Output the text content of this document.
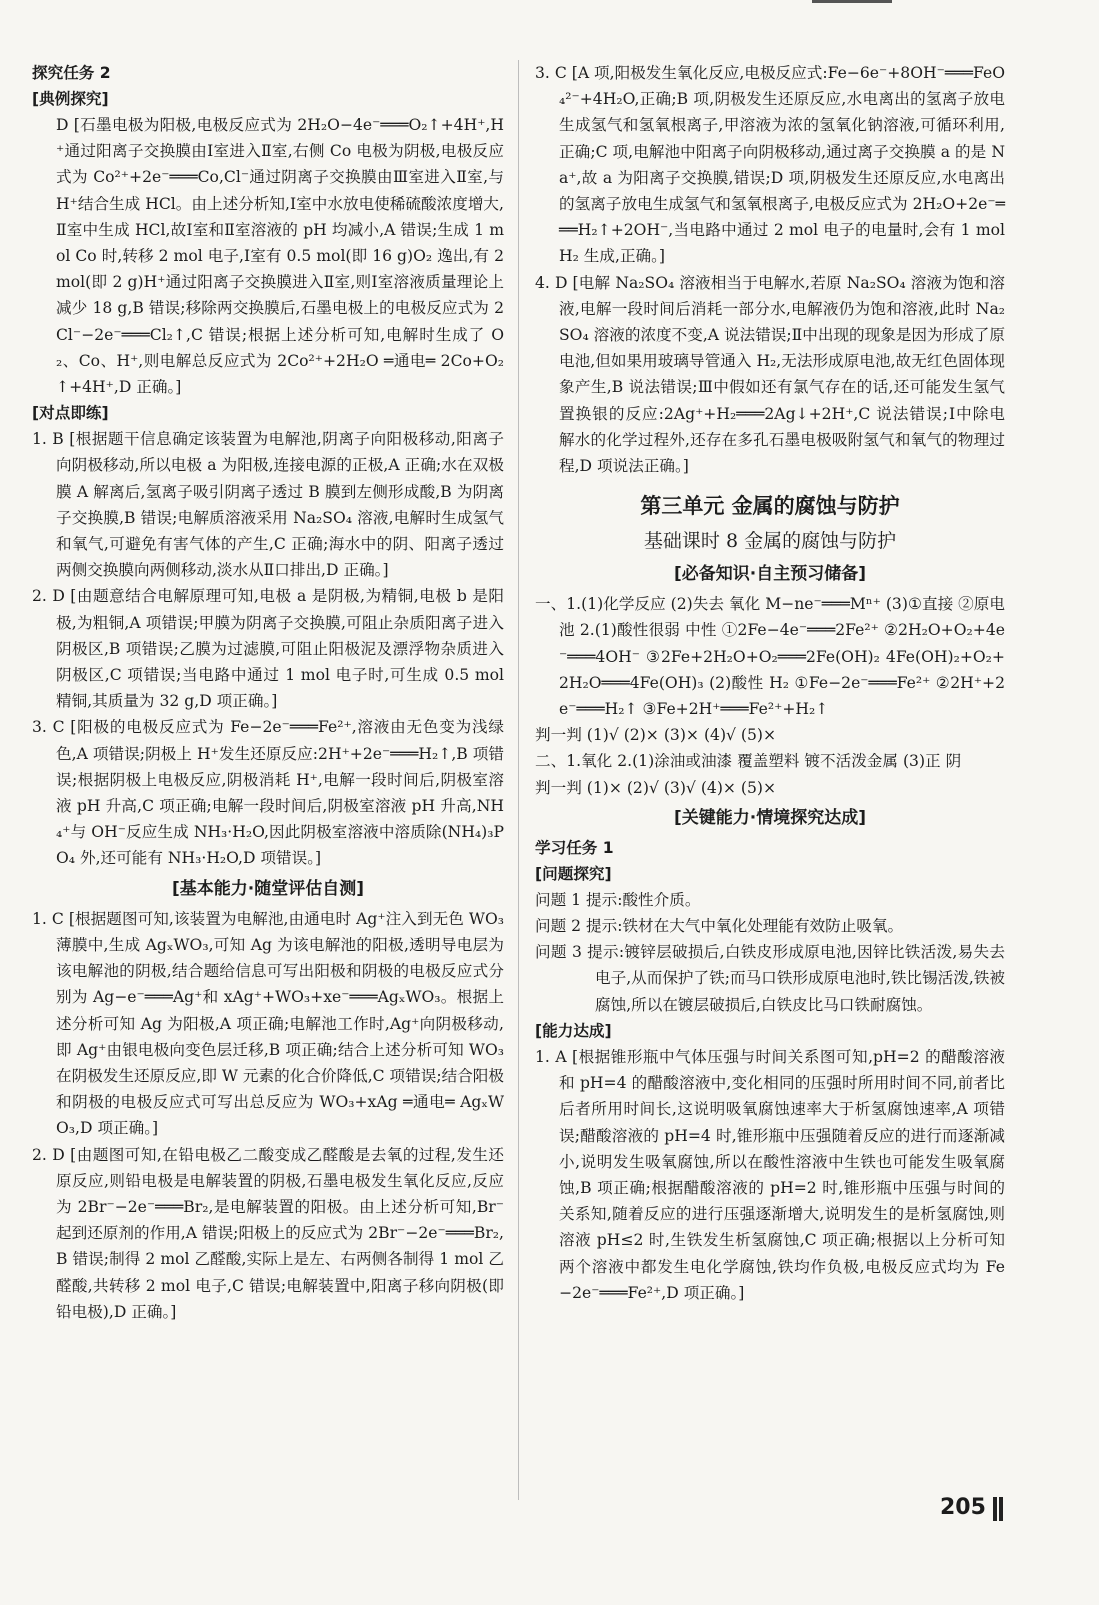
探究任务 2

[典例探究]

D [石墨电极为阳极,电极反应式为 2H₂O−4e⁻═══O₂↑+4H⁺,H⁺通过阳离子交换膜由Ⅰ室进入Ⅱ室,右侧 Co 电极为阴极,电极反应式为 Co²⁺+2e⁻═══Co,Cl⁻通过阴离子交换膜由Ⅲ室进入Ⅱ室,与 H⁺结合生成 HCl。由上述分析知,Ⅰ室中水放电使稀硫酸浓度增大,Ⅱ室中生成 HCl,故Ⅰ室和Ⅱ室溶液的 pH 均减小,A 错误;生成 1 mol Co 时,转移 2 mol 电子,Ⅰ室有 0.5 mol(即 16 g)O₂ 逸出,有 2 mol(即 2 g)H⁺通过阳离子交换膜进入Ⅱ室,则Ⅰ室溶液质量理论上减少 18 g,B 错误;移除两交换膜后,石墨电极上的电极反应式为 2Cl⁻−2e⁻═══Cl₂↑,C 错误;根据上述分析可知,电解时生成了 O₂、Co、H⁺,则电解总反应式为 2Co²⁺+2H₂O ═通电═ 2Co+O₂↑+4H⁺,D 正确。]

[对点即练]

1. B [根据题干信息确定该装置为电解池,阴离子向阳极移动,阳离子向阴极移动,所以电极 a 为阳极,连接电源的正极,A 正确;水在双极膜 A 解离后,氢离子吸引阴离子透过 B 膜到左侧形成酸,B 为阴离子交换膜,B 错误;电解质溶液采用 Na₂SO₄ 溶液,电解时生成氢气和氧气,可避免有害气体的产生,C 正确;海水中的阴、阳离子透过两侧交换膜向两侧移动,淡水从Ⅱ口排出,D 正确。]

2. D [由题意结合电解原理可知,电极 a 是阴极,为精铜,电极 b 是阳极,为粗铜,A 项错误;甲膜为阴离子交换膜,可阻止杂质阳离子进入阴极区,B 项错误;乙膜为过滤膜,可阻止阳极泥及漂浮物杂质进入阴极区,C 项错误;当电路中通过 1 mol 电子时,可生成 0.5 mol 精铜,其质量为 32 g,D 项正确。]

3. C [阳极的电极反应式为 Fe−2e⁻═══Fe²⁺,溶液由无色变为浅绿色,A 项错误;阴极上 H⁺发生还原反应:2H⁺+2e⁻═══H₂↑,B 项错误;根据阴极上电极反应,阴极消耗 H⁺,电解一段时间后,阴极室溶液 pH 升高,C 项正确;电解一段时间后,阴极室溶液 pH 升高,NH₄⁺与 OH⁻反应生成 NH₃·H₂O,因此阴极室溶液中溶质除(NH₄)₃PO₄ 外,还可能有 NH₃·H₂O,D 项错误。]

[基本能力·随堂评估自测]

1. C [根据题图可知,该装置为电解池,由通电时 Ag⁺注入到无色 WO₃ 薄膜中,生成 AgₓWO₃,可知 Ag 为该电解池的阳极,透明导电层为该电解池的阴极,结合题给信息可写出阳极和阴极的电极反应式分别为 Ag−e⁻═══Ag⁺和 xAg⁺+WO₃+xe⁻═══AgₓWO₃。根据上述分析可知 Ag 为阳极,A 项正确;电解池工作时,Ag⁺向阴极移动,即 Ag⁺由银电极向变色层迁移,B 项正确;结合上述分析可知 WO₃ 在阴极发生还原反应,即 W 元素的化合价降低,C 项错误;结合阳极和阴极的电极反应式可写出总反应为 WO₃+xAg ═通电═ AgₓWO₃,D 项正确。]

2. D [由题图可知,在铅电极乙二酸变成乙醛酸是去氧的过程,发生还原反应,则铅电极是电解装置的阴极,石墨电极发生氧化反应,反应为 2Br⁻−2e⁻═══Br₂,是电解装置的阳极。由上述分析可知,Br⁻起到还原剂的作用,A 错误;阳极上的反应式为 2Br⁻−2e⁻═══Br₂,B 错误;制得 2 mol 乙醛酸,实际上是左、右两侧各制得 1 mol 乙醛酸,共转移 2 mol 电子,C 错误;电解装置中,阳离子移向阴极(即铅电极),D 正确。]

3. C [A 项,阳极发生氧化反应,电极反应式:Fe−6e⁻+8OH⁻═══FeO₄²⁻+4H₂O,正确;B 项,阴极发生还原反应,水电离出的氢离子放电生成氢气和氢氧根离子,甲溶液为浓的氢氧化钠溶液,可循环利用,正确;C 项,电解池中阳离子向阴极移动,通过离子交换膜 a 的是 Na⁺,故 a 为阳离子交换膜,错误;D 项,阴极发生还原反应,水电离出的氢离子放电生成氢气和氢氧根离子,电极反应式为 2H₂O+2e⁻═══H₂↑+2OH⁻,当电路中通过 2 mol 电子的电量时,会有 1 mol H₂ 生成,正确。]

4. D [电解 Na₂SO₄ 溶液相当于电解水,若原 Na₂SO₄ 溶液为饱和溶液,电解一段时间后消耗一部分水,电解液仍为饱和溶液,此时 Na₂SO₄ 溶液的浓度不变,A 说法错误;Ⅱ中出现的现象是因为形成了原电池,但如果用玻璃导管通入 H₂,无法形成原电池,故无红色固体现象产生,B 说法错误;Ⅲ中假如还有氯气存在的话,还可能发生氢气置换银的反应:2Ag⁺+H₂═══2Ag↓+2H⁺,C 说法错误;Ⅰ中除电解水的化学过程外,还存在多孔石墨电极吸附氢气和氧气的物理过程,D 项说法正确。]

第三单元 金属的腐蚀与防护

基础课时 8 金属的腐蚀与防护

[必备知识·自主预习储备]

一、1.(1)化学反应 (2)失去 氧化 M−ne⁻═══Mⁿ⁺ (3)①直接 ②原电池 2.(1)酸性很弱 中性 ①2Fe−4e⁻═══2Fe²⁺ ②2H₂O+O₂+4e⁻═══4OH⁻ ③2Fe+2H₂O+O₂═══2Fe(OH)₂ 4Fe(OH)₂+O₂+2H₂O═══4Fe(OH)₃ (2)酸性 H₂ ①Fe−2e⁻═══Fe²⁺ ②2H⁺+2e⁻═══H₂↑ ③Fe+2H⁺═══Fe²⁺+H₂↑

判一判 (1)√ (2)× (3)× (4)√ (5)×

二、1.氧化 2.(1)涂油或油漆 覆盖塑料 镀不活泼金属 (3)正 阴

判一判 (1)× (2)√ (3)√ (4)× (5)×

[关键能力·情境探究达成]

学习任务 1

[问题探究]

问题 1 提示:酸性介质。

问题 2 提示:铁材在大气中氧化处理能有效防止吸氧。

问题 3 提示:镀锌层破损后,白铁皮形成原电池,因锌比铁活泼,易失去电子,从而保护了铁;而马口铁形成原电池时,铁比锡活泼,铁被腐蚀,所以在镀层破损后,白铁皮比马口铁耐腐蚀。

[能力达成]

1. A [根据锥形瓶中气体压强与时间关系图可知,pH=2 的醋酸溶液和 pH=4 的醋酸溶液中,变化相同的压强时所用时间不同,前者比后者所用时间长,这说明吸氧腐蚀速率大于析氢腐蚀速率,A 项错误;醋酸溶液的 pH=4 时,锥形瓶中压强随着反应的进行而逐渐减小,说明发生吸氧腐蚀,所以在酸性溶液中生铁也可能发生吸氧腐蚀,B 项正确;根据醋酸溶液的 pH=2 时,锥形瓶中压强与时间的关系知,随着反应的进行压强逐渐增大,说明发生的是析氢腐蚀,则溶液 pH≤2 时,生铁发生析氢腐蚀,C 项正确;根据以上分析可知两个溶液中都发生电化学腐蚀,铁均作负极,电极反应式均为 Fe−2e⁻═══Fe²⁺,D 项正确。]

205
